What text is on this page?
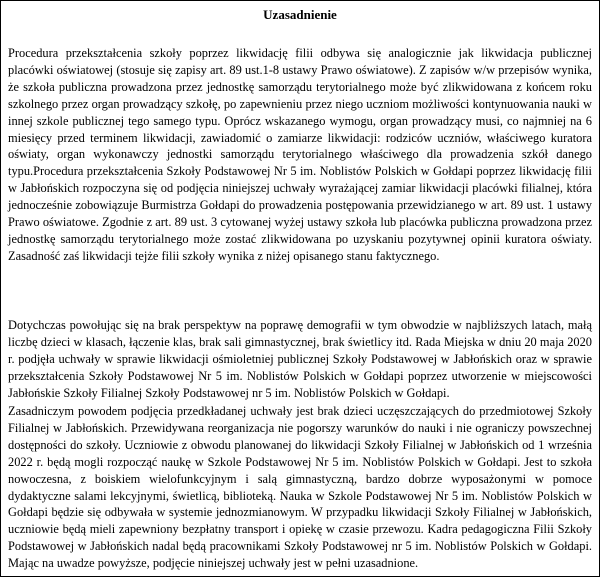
Uzasadnienie

Procedura przekształcenia szkoły poprzez likwidację filii odbywa się analogicznie jak likwidacja publicznej placówki oświatowej (stosuje się zapisy art. 89 ust.1-8 ustawy Prawo oświatowe). Z zapisów w/w przepisów wynika, że szkoła publiczna prowadzona przez jednostkę samorządu terytorialnego może być zlikwidowana z końcem roku szkolnego przez organ prowadzący szkołę, po zapewnieniu przez niego uczniom możliwości kontynuowania nauki w innej szkole publicznej tego samego typu. Oprócz wskazanego wymogu, organ prowadzący musi, co najmniej na 6 miesięcy przed terminem likwidacji, zawiadomić o zamiarze likwidacji: rodziców uczniów, właściwego kuratora oświaty, organ wykonawczy jednostki samorządu terytorialnego właściwego dla prowadzenia szkół danego typu.Procedura przekształcenia Szkoły Podstawowej Nr 5 im. Noblistów Polskich w Gołdapi poprzez likwidację filii w Jabłońskich rozpoczyna się od podjęcia niniejszej uchwały wyrażającej zamiar likwidacji placówki filialnej, która jednocześnie zobowiązuje Burmistrza Gołdapi do prowadzenia postępowania przewidzianego w art. 89 ust. 1 ustawy Prawo oświatowe. Zgodnie z art. 89 ust. 3 cytowanej wyżej ustawy szkoła lub placówka publiczna prowadzona przez jednostkę samorządu terytorialnego może zostać zlikwidowana po uzyskaniu pozytywnej opinii kuratora oświaty. Zasadność zaś likwidacji tejże filii szkoły wynika z niżej opisanego stanu faktycznego.

Dotychczas powołując się na brak perspektyw na poprawę demografii w tym obwodzie w najbliższych latach, małą liczbę dzieci w klasach, łączenie klas, brak sali gimnastycznej, brak świetlicy itd. Rada Miejska w dniu 20 maja 2020 r. podjęła uchwały w sprawie likwidacji ośmioletniej publicznej Szkoły Podstawowej w Jabłońskich oraz w sprawie przekształcenia Szkoły Podstawowej Nr 5 im. Noblistów Polskich w Gołdapi poprzez utworzenie w miejscowości Jabłońskie Szkoły Filialnej Szkoły Podstawowej nr 5 im. Noblistów Polskich w Gołdapi.

Zasadniczym powodem podjęcia przedkładanej uchwały jest brak dzieci uczęszczających do przedmiotowej Szkoły Filialnej w Jabłońskich. Przewidywana reorganizacja nie pogorszy warunków do nauki i nie ograniczy powszechnej dostępności do szkoły. Uczniowie z obwodu planowanej do likwidacji Szkoły Filialnej w Jabłońskich od 1 września 2022 r. będą mogli rozpocząć naukę w Szkole Podstawowej Nr 5 im. Noblistów Polskich w Gołdapi. Jest to szkoła nowoczesna, z boiskiem wielofunkcyjnym i salą gimnastyczną, bardzo dobrze wyposażonymi w pomoce dydaktyczne salami lekcyjnymi, świetlicą, biblioteką. Nauka w Szkole Podstawowej Nr 5 im. Noblistów Polskich w Gołdapi będzie się odbywała w systemie jednozmianowym. W przypadku likwidacji Szkoły Filialnej w Jabłońskich, uczniowie będą mieli zapewniony bezpłatny transport i opiekę w czasie przewozu. Kadra pedagogiczna Filii Szkoły Podstawowej w Jabłońskich nadal będą pracownikami Szkoły Podstawowej nr 5 im. Noblistów Polskich w Gołdapi. Mając na uwadze powyższe, podjęcie niniejszej uchwały jest w pełni uzasadnione.
